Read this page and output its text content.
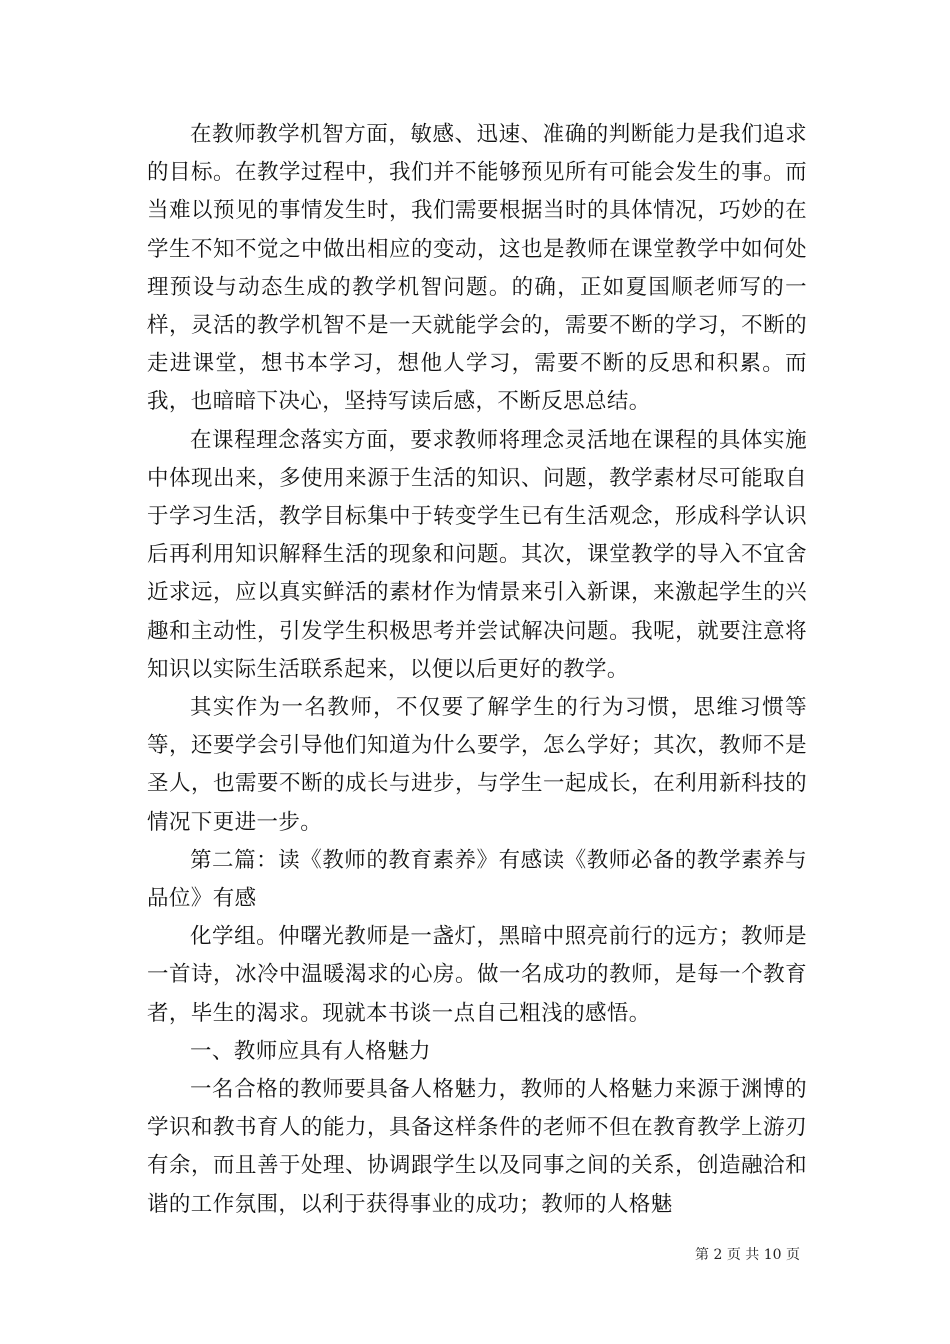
在教师教学机智方面，敏感、迅速、准确的判断能力是我们追求的目标。在教学过程中，我们并不能够预见所有可能会发生的事。而当难以预见的事情发生时，我们需要根据当时的具体情况，巧妙的在学生不知不觉之中做出相应的变动，这也是教师在课堂教学中如何处理预设与动态生成的教学机智问题。的确，正如夏国顺老师写的一样，灵活的教学机智不是一天就能学会的，需要不断的学习，不断的走进课堂，想书本学习，想他人学习，需要不断的反思和积累。而我，也暗暗下决心，坚持写读后感，不断反思总结。

在课程理念落实方面，要求教师将理念灵活地在课程的具体实施中体现出来，多使用来源于生活的知识、问题，教学素材尽可能取自于学习生活，教学目标集中于转变学生已有生活观念，形成科学认识后再利用知识解释生活的现象和问题。其次，课堂教学的导入不宜舍近求远，应以真实鲜活的素材作为情景来引入新课，来激起学生的兴趣和主动性，引发学生积极思考并尝试解决问题。我呢，就要注意将知识以实际生活联系起来，以便以后更好的教学。

其实作为一名教师，不仅要了解学生的行为习惯，思维习惯等等，还要学会引导他们知道为什么要学，怎么学好；其次，教师不是圣人，也需要不断的成长与进步，与学生一起成长，在利用新科技的情况下更进一步。

第二篇：读《教师的教育素养》有感读《教师必备的教学素养与品位》有感

化学组。仲曙光教师是一盏灯，黑暗中照亮前行的远方；教师是一首诗，冰冷中温暖渴求的心房。做一名成功的教师，是每一个教育者，毕生的渴求。现就本书谈一点自己粗浅的感悟。

一、教师应具有人格魅力

一名合格的教师要具备人格魅力，教师的人格魅力来源于渊博的学识和教书育人的能力，具备这样条件的老师不但在教育教学上游刃有余，而且善于处理、协调跟学生以及同事之间的关系，创造融洽和谐的工作氛围，以利于获得事业的成功；教师的人格魅

第 2 页 共 10 页
